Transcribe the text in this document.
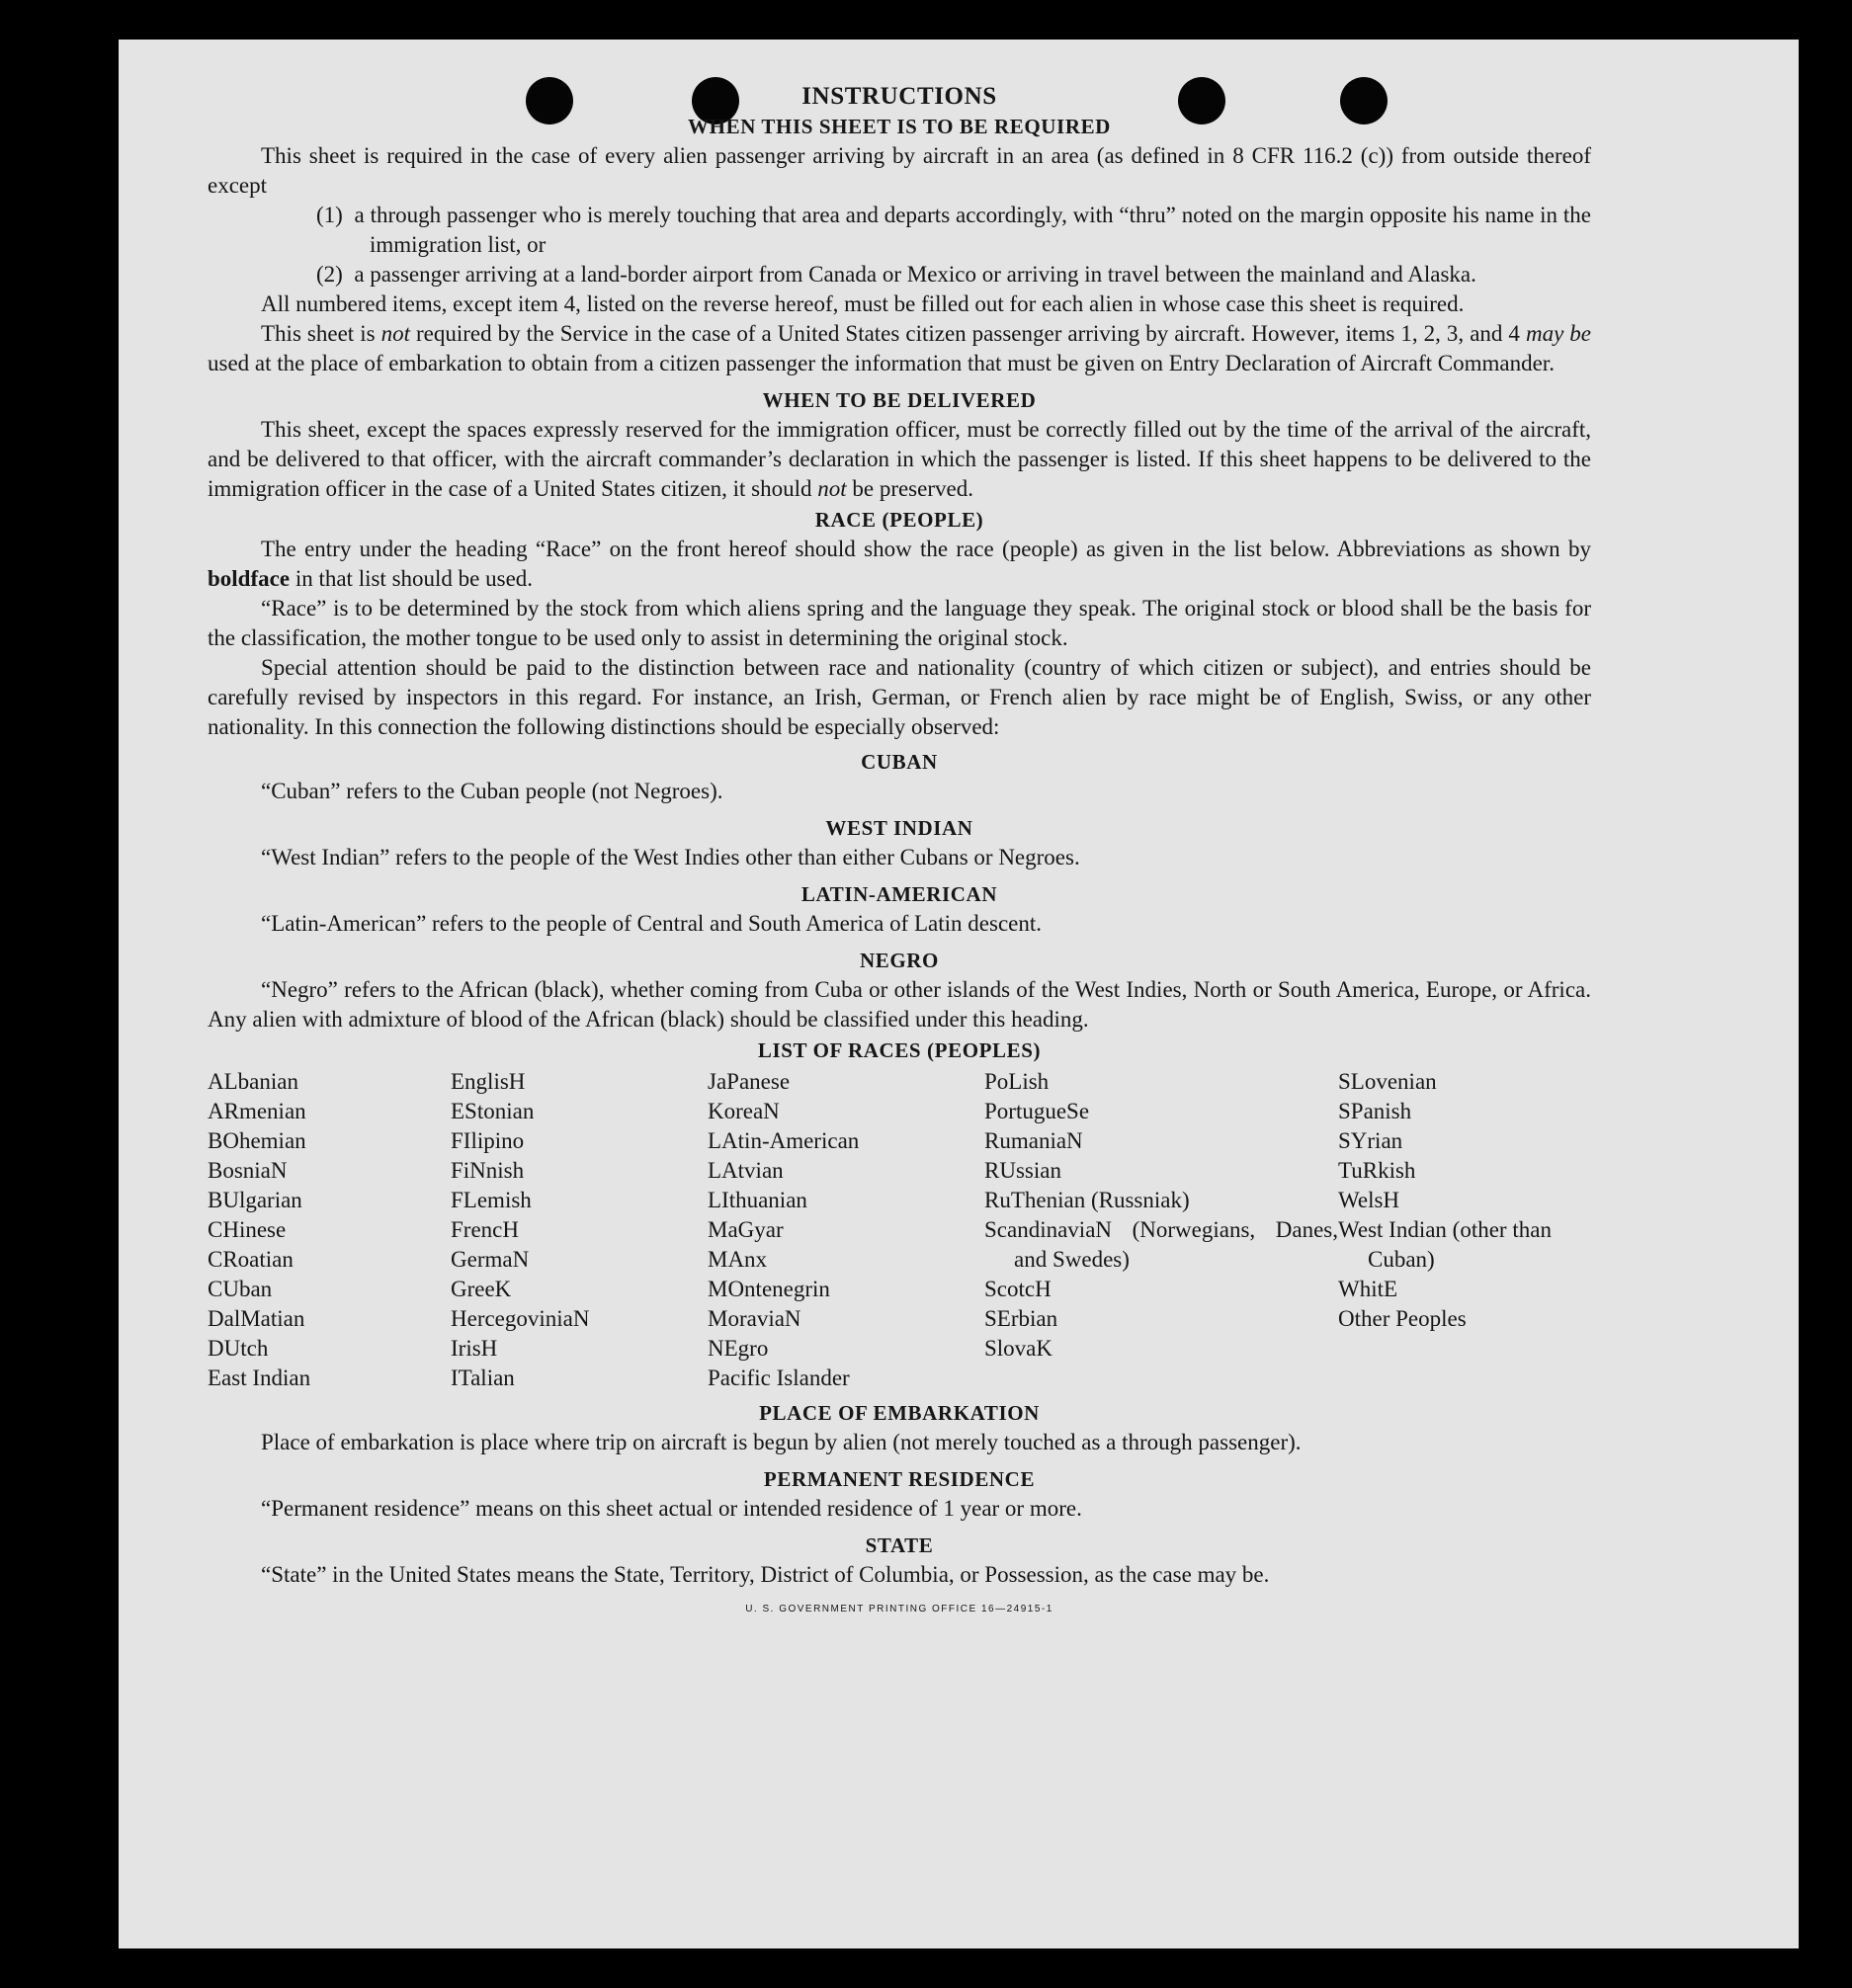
INSTRUCTIONS
WHEN THIS SHEET IS TO BE REQUIRED

This sheet is required in the case of every alien passenger arriving by aircraft in an area (as defined in 8 CFR 116.2 (c)) from outside thereof except

(1) a through passenger who is merely touching that area and departs accordingly, with “thru” noted on the margin opposite his name in the immigration list, or

(2) a passenger arriving at a land-border airport from Canada or Mexico or arriving in travel between the mainland and Alaska.

All numbered items, except item 4, listed on the reverse hereof, must be filled out for each alien in whose case this sheet is required.

This sheet is not required by the Service in the case of a United States citizen passenger arriving by aircraft. However, items 1, 2, 3, and 4 may be used at the place of embarkation to obtain from a citizen passenger the information that must be given on Entry Declaration of Aircraft Commander.

WHEN TO BE DELIVERED

This sheet, except the spaces expressly reserved for the immigration officer, must be correctly filled out by the time of the arrival of the aircraft, and be delivered to that officer, with the aircraft commander’s declaration in which the passenger is listed. If this sheet happens to be delivered to the immigration officer in the case of a United States citizen, it should not be preserved.

RACE (PEOPLE)

The entry under the heading “Race” on the front hereof should show the race (people) as given in the list below. Abbreviations as shown by boldface in that list should be used.

“Race” is to be determined by the stock from which aliens spring and the language they speak. The original stock or blood shall be the basis for the classification, the mother tongue to be used only to assist in determining the original stock.

Special attention should be paid to the distinction between race and nationality (country of which citizen or subject), and entries should be carefully revised by inspectors in this regard. For instance, an Irish, German, or French alien by race might be of English, Swiss, or any other nationality. In this connection the following distinctions should be especially observed:

CUBAN

“Cuban” refers to the Cuban people (not Negroes).

WEST INDIAN

“West Indian” refers to the people of the West Indies other than either Cubans or Negroes.

LATIN-AMERICAN

“Latin-American” refers to the people of Central and South America of Latin descent.

NEGRO

“Negro” refers to the African (black), whether coming from Cuba or other islands of the West Indies, North or South America, Europe, or Africa. Any alien with admixture of blood of the African (black) should be classified under this heading.

LIST OF RACES (PEOPLES)
ALbanian
ARmenian
BOhemian
BosniaN
BUlgarian
CHinese
CRoatian
CUban
DalMatian
DUtch
East Indian
EnglisH
EStonian
FIlipino
FiNnish
FLemish
FrencH
GermaN
GreeK
HercegoviniaN
IrisH
ITalian
JaPanese
KoreaN
LAtin-American
LAtvian
LIthuanian
MaGyar
MAnx
MOntenegrin
MoraviaN
NEgro
Pacific Islander
PoLish
PortugueSe
RumaniaN
RUssian
RuThenian (Russniak)
ScandinaviaN (Norwegians, Danes, and Swedes)
ScotcH
SErbian
SlovaK
SLovenian
SPanish
SYrian
TuRkish
WelsH
West Indian (other than Cuban)
WhitE
Other Peoples
PLACE OF EMBARKATION

Place of embarkation is place where trip on aircraft is begun by alien (not merely touched as a through passenger).

PERMANENT RESIDENCE

“Permanent residence” means on this sheet actual or intended residence of 1 year or more.

STATE

“State” in the United States means the State, Territory, District of Columbia, or Possession, as the case may be.

U. S. GOVERNMENT PRINTING OFFICE 16—24915-1
